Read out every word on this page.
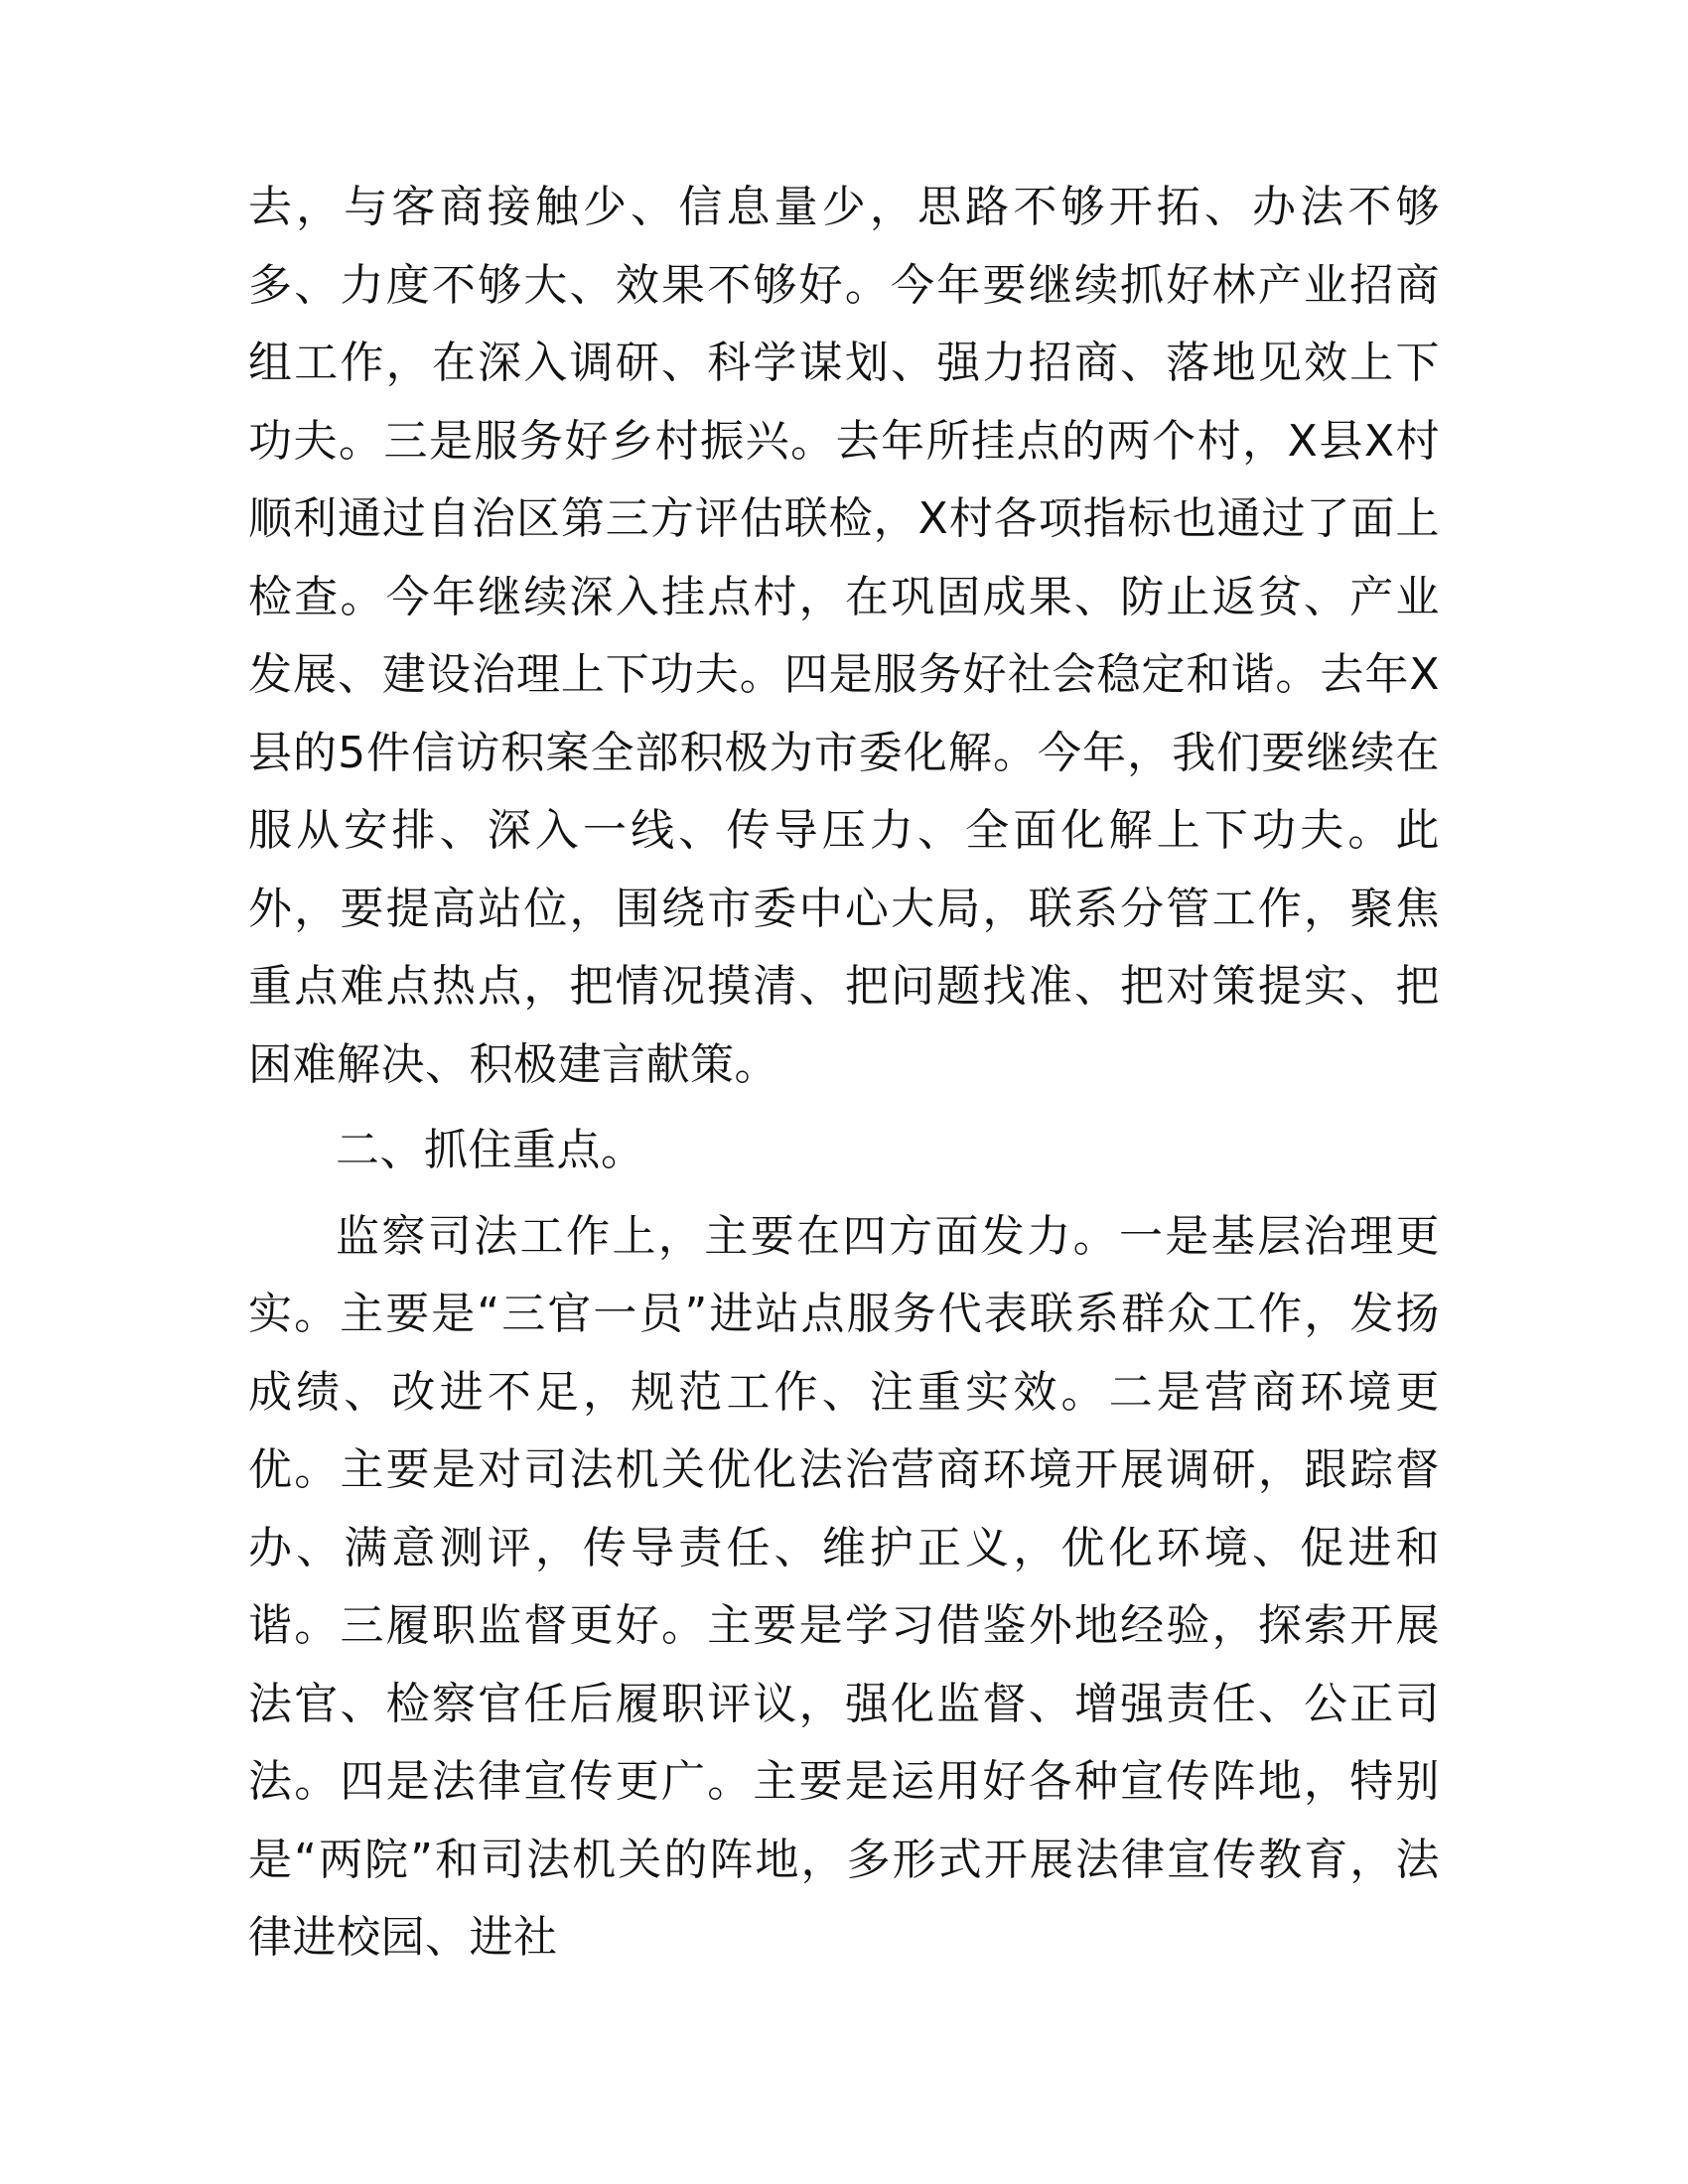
去，与客商接触少、信息量少，思路不够开拓、办法不够多、力度不够大、效果不够好。今年要继续抓好林产业招商组工作，在深入调研、科学谋划、强力招商、落地见效上下功夫。三是服务好乡村振兴。去年所挂点的两个村，X县X村顺利通过自治区第三方评估联检，X村各项指标也通过了面上检查。今年继续深入挂点村，在巩固成果、防止返贫、产业发展、建设治理上下功夫。四是服务好社会稳定和谐。去年X县的5件信访积案全部积极为市委化解。今年，我们要继续在服从安排、深入一线、传导压力、全面化解上下功夫。此外，要提高站位，围绕市委中心大局，联系分管工作，聚焦重点难点热点，把情况摸清、把问题找准、把对策提实、把困难解决、积极建言献策。

二、抓住重点。

监察司法工作上，主要在四方面发力。一是基层治理更实。主要是“三官一员”进站点服务代表联系群众工作，发扬成绩、改进不足，规范工作、注重实效。二是营商环境更优。主要是对司法机关优化法治营商环境开展调研，跟踪督办、满意测评，传导责任、维护正义，优化环境、促进和谐。三履职监督更好。主要是学习借鉴外地经验，探索开展法官、检察官任后履职评议，强化监督、增强责任、公正司法。四是法律宣传更广。主要是运用好各种宣传阵地，特别是“两院”和司法机关的阵地，多形式开展法律宣传教育，法律进校园、进社
